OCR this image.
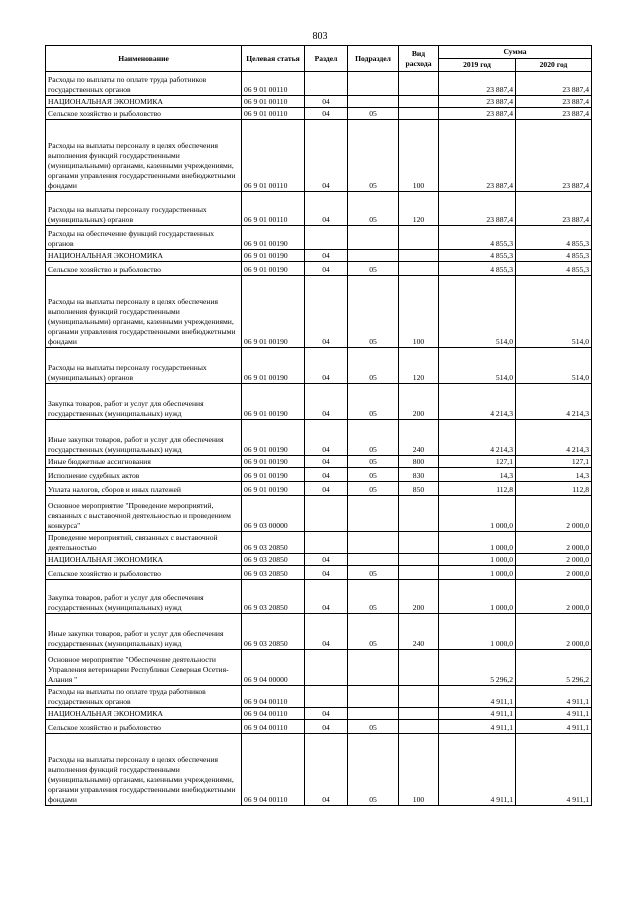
803
Наименование	Целевая статья	Раздел	Подраздел	Вид расхода	Сумма	
					2019 год	2020 год
Расходы по выплаты по оплате труда работников государственных органов	06 9 01 00110				23 887,4	23 887,4
НАЦИОНАЛЬНАЯ ЭКОНОМИКА	06 9 01 00110	04			23 887,4	23 887,4
Сельское хозяйство и рыболовство	06 9 01 00110	04	05		23 887,4	23 887,4
Расходы на выплаты персоналу в целях обеспечения выполнения функций государственными (муниципальными) органами, казенными учреждениями, органами управления государственными внебюджетными фондами	06 9 01 00110	04	05	100	23 887,4	23 887,4
Расходы на выплаты персоналу государственных (муниципальных) органов	06 9 01 00110	04	05	120	23 887,4	23 887,4
Расходы на обеспечение функций государственных органов	06 9 01 00190				4 855,3	4 855,3
НАЦИОНАЛЬНАЯ ЭКОНОМИКА	06 9 01 00190	04			4 855,3	4 855,3
Сельское хозяйство и рыболовство	06 9 01 00190	04	05		4 855,3	4 855,3
Расходы на выплаты персоналу в целях обеспечения выполнения функций государственными (муниципальными) органами, казенными учреждениями, органами управления государственными внебюджетными фондами	06 9 01 00190	04	05	100	514,0	514,0
Расходы на выплаты персоналу государственных (муниципальных) органов	06 9 01 00190	04	05	120	514,0	514,0
Закупка товаров, работ и услуг для обеспечения государственных (муниципальных) нужд	06 9 01 00190	04	05	200	4 214,3	4 214,3
Иные закупки товаров, работ и услуг для обеспечения государственных (муниципальных) нужд	06 9 01 00190	04	05	240	4 214,3	4 214,3
Иные бюджетные ассигнования	06 9 01 00190	04	05	800	127,1	127,1
Исполнение судебных актов	06 9 01 00190	04	05	830	14,3	14,3
Уплата налогов, сборов и иных платежей	06 9 01 00190	04	05	850	112,8	112,8
Основное мероприятие "Проведение мероприятий, связанных с выставочной деятельностью и проведением конкурса"	06 9 03 00000				1 000,0	2 000,0
Проведение мероприятий, связанных с выставочной деятельностью	06 9 03 20850				1 000,0	2 000,0
НАЦИОНАЛЬНАЯ ЭКОНОМИКА	06 9 03 20850	04			1 000,0	2 000,0
Сельское хозяйство и рыболовство	06 9 03 20850	04	05		1 000,0	2 000,0
Закупка товаров, работ и услуг для обеспечения государственных (муниципальных) нужд	06 9 03 20850	04	05	200	1 000,0	2 000,0
Иные закупки товаров, работ и услуг для обеспечения государственных (муниципальных) нужд	06 9 03 20850	04	05	240	1 000,0	2 000,0
Основное мероприятие "Обеспечение деятельности Управления ветеринарии Республики Северная Осетия-Алания "	06 9 04 00000				5 296,2	5 296,2
Расходы на выплаты по оплате труда работников государственных органов	06 9 04 00110				4 911,1	4 911,1
НАЦИОНАЛЬНАЯ ЭКОНОМИКА	06 9 04 00110	04			4 911,1	4 911,1
Сельское хозяйство и рыболовство	06 9 04 00110	04	05		4 911,1	4 911,1
Расходы на выплаты персоналу в целях обеспечения выполнения функций государственными (муниципальными) органами, казенными учреждениями, органами управления государственными внебюджетными фондами	06 9 04 00110	04	05	100	4 911,1	4 911,1
